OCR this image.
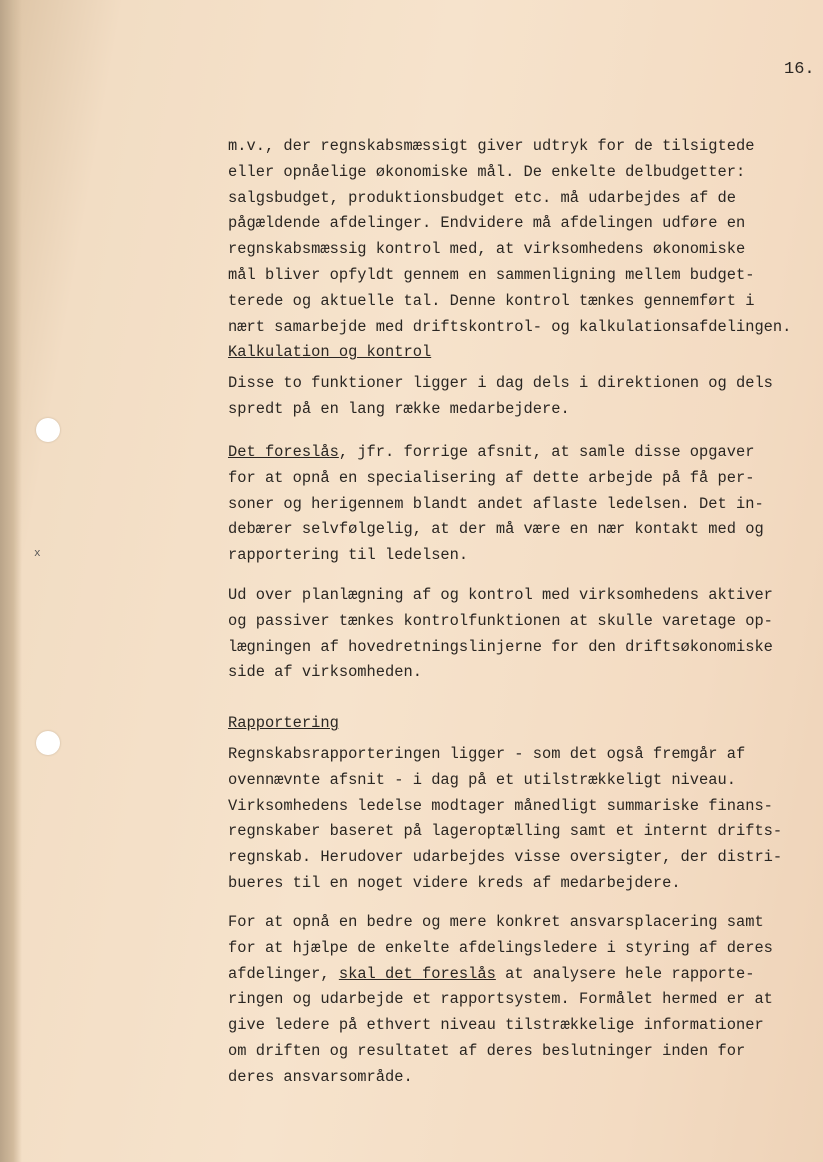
x
16.

m.v., der regnskabsmæssigt giver udtryk for de tilsigtede
eller opnåelige økonomiske mål. De enkelte delbudgetter:
salgsbudget, produktionsbudget etc. må udarbejdes af de
pågældende afdelinger. Endvidere må afdelingen udføre en
regnskabsmæssig kontrol med, at virksomhedens økonomiske
mål bliver opfyldt gennem en sammenligning mellem budget-
terede og aktuelle tal. Denne kontrol tænkes gennemført i
nært samarbejde med driftskontrol- og kalkulationsafdelingen.

Kalkulation og kontrol

Disse to funktioner ligger i dag dels i direktionen og dels
spredt på en lang række medarbejdere.

Det foreslås, jfr. forrige afsnit, at samle disse opgaver
for at opnå en specialisering af dette arbejde på få per-
soner og herigennem blandt andet aflaste ledelsen. Det in-
debærer selvfølgelig, at der må være en nær kontakt med og
rapportering til ledelsen.

Ud over planlægning af og kontrol med virksomhedens aktiver
og passiver tænkes kontrolfunktionen at skulle varetage op-
lægningen af hovedretningslinjerne for den driftsøkonomiske
side af virksomheden.

Rapportering

Regnskabsrapporteringen ligger - som det også fremgår af
ovennævnte afsnit - i dag på et utilstrækkeligt niveau.
Virksomhedens ledelse modtager månedligt summariske finans-
regnskaber baseret på lageroptælling samt et internt drifts-
regnskab. Herudover udarbejdes visse oversigter, der distri-
bueres til en noget videre kreds af medarbejdere.

For at opnå en bedre og mere konkret ansvarsplacering samt
for at hjælpe de enkelte afdelingsledere i styring af deres
afdelinger, skal det foreslås at analysere hele rapporte-
ringen og udarbejde et rapportsystem. Formålet hermed er at
give ledere på ethvert niveau tilstrækkelige informationer
om driften og resultatet af deres beslutninger inden for
deres ansvarsområde.
